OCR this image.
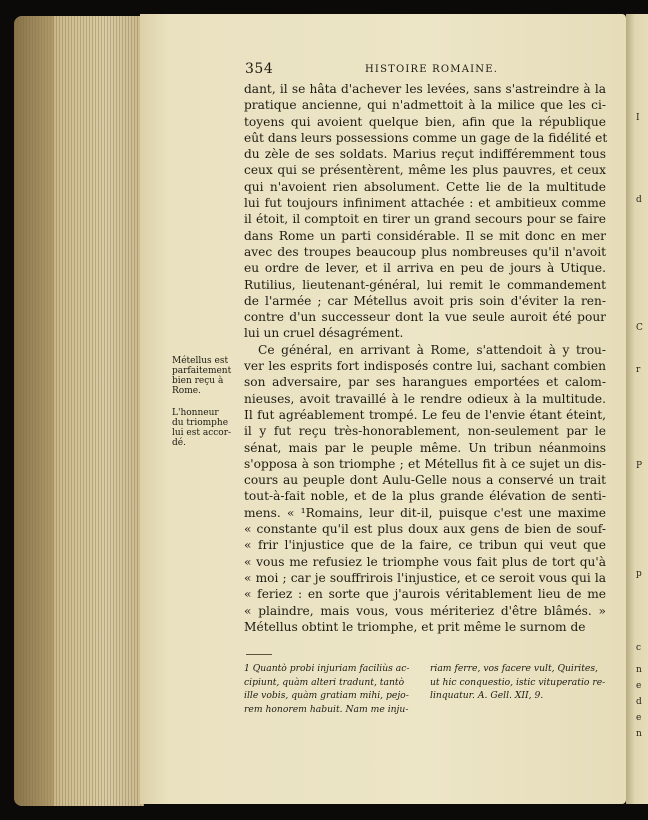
I
d
C
r
P
p
c
n
e
d
e
n
354	HISTOIRE ROMAINE.
dant, il se hâta d'achever les levées, sans s'astreindre à la
pratique ancienne, qui n'admettoit à la milice que les ci-
toyens qui avoient quelque bien, afin que la république
eût dans leurs possessions comme un gage de la fidélité et
du zèle de ses soldats. Marius reçut indifféremment tous
ceux qui se présentèrent, même les plus pauvres, et ceux
qui n'avoient rien absolument. Cette lie de la multitude
lui fut toujours infiniment attachée : et ambitieux comme
il étoit, il comptoit en tirer un grand secours pour se faire
dans Rome un parti considérable. Il se mit donc en mer
avec des troupes beaucoup plus nombreuses qu'il n'avoit
eu ordre de lever, et il arriva en peu de jours à Utique.
Rutilius, lieutenant-général, lui remit le commandement
de l'armée ; car Métellus avoit pris soin d'éviter la ren-
contre d'un successeur dont la vue seule auroit été pour
lui un cruel désagrément.
Ce général, en arrivant à Rome, s'attendoit à y trou-
ver les esprits fort indisposés contre lui, sachant combien
son adversaire, par ses harangues emportées et calom-
nieuses, avoit travaillé à le rendre odieux à la multitude.
Il fut agréablement trompé. Le feu de l'envie étant éteint,
il y fut reçu très-honorablement, non-seulement par le
sénat, mais par le peuple même. Un tribun néanmoins
s'opposa à son triomphe ; et Métellus fit à ce sujet un dis-
cours au peuple dont Aulu-Gelle nous a conservé un trait
tout-à-fait noble, et de la plus grande élévation de senti-
mens. « ¹Romains, leur dit-il, puisque c'est une maxime
« constante qu'il est plus doux aux gens de bien de souf-
« frir l'injustice que de la faire, ce tribun qui veut que
« vous me refusiez le triomphe vous fait plus de tort qu'à
« moi ; car je souffrirois l'injustice, et ce seroit vous qui la
« feriez : en sorte que j'aurois véritablement lieu de me
« plaindre, mais vous, vous mériteriez d'être blâmés. »
Métellus obtint le triomphe, et prit même le surnom de
Métellus est
parfaitement
bien reçu à
Rome.
L'honneur
du triomphe
lui est accor-
dé.
1 Quantò probi injuriam faciliùs ac-
cipiunt, quàm alteri tradunt, tantò
ille vobis, quàm gratiam mihi, pejo-
rem honorem habuit. Nam me inju-
riam ferre, vos facere vult, Quirites,
ut hic conquestio, istic vituperatio re-
linquatur. A. Gell. XII, 9.
